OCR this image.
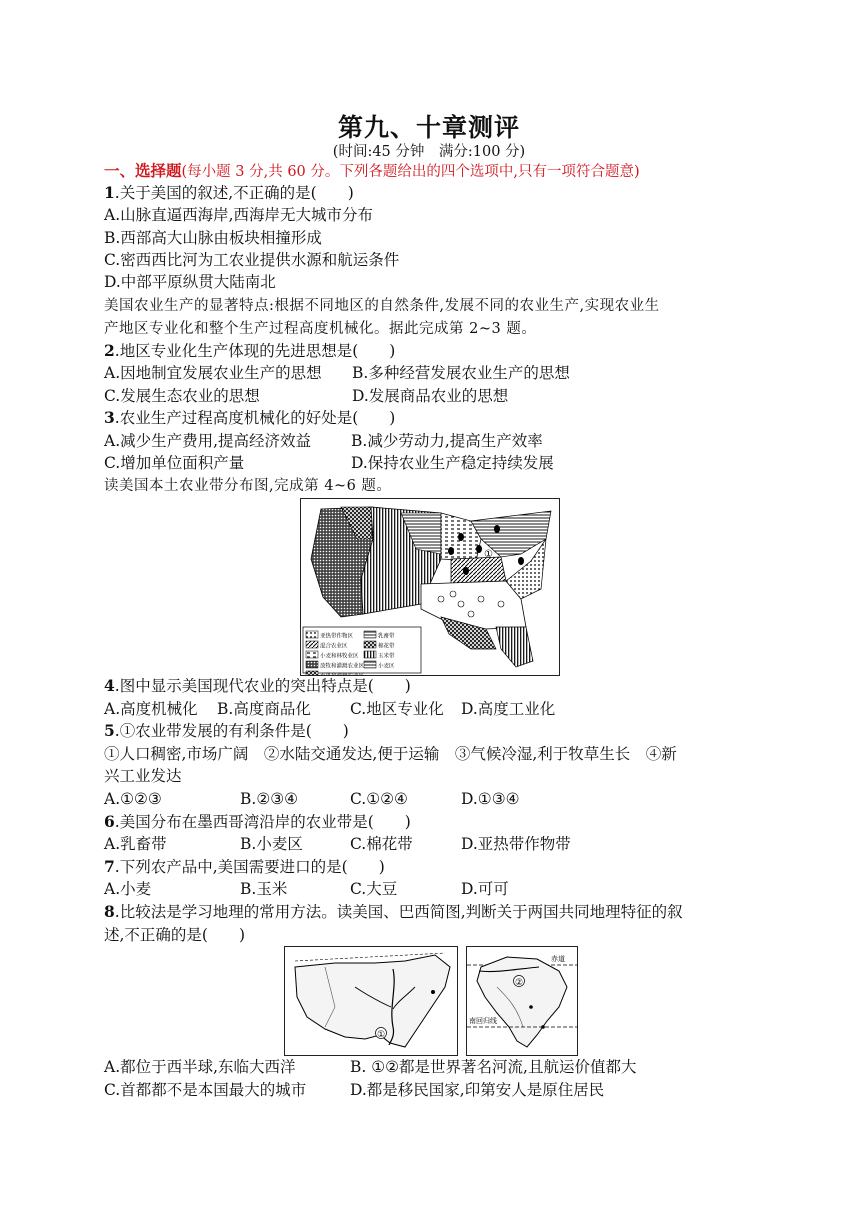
第九、十章测评
(时间:45 分钟　满分:100 分)
一、选择题(每小题 3 分,共 60 分。下列各题给出的四个选项中,只有一项符合题意)
1.关于美国的叙述,不正确的是(　　)
A.山脉直逼西海岸,西海岸无大城市分布
B.西部高大山脉由板块相撞形成
C.密西西比河为工农业提供水源和航运条件
D.中部平原纵贯大陆南北
美国农业生产的显著特点:根据不同地区的自然条件,发展不同的农业生产,实现农业生
产地区专业化和整个生产过程高度机械化。据此完成第 2~3 题。
2.地区专业化生产体现的先进思想是(　　)
A.因地制宜发展农业生产的思想 B.多种经营发展农业生产的思想
C.发展生态农业的思想	D.发展商品农业的思想
3.农业生产过程高度机械化的好处是(　　)
A.减少生产费用,提高经济效益	B.减少劳动力,提高生产效率
C.增加单位面积产量	D.保持农业生产稳定持续发展
读美国本土农业带分布图,完成第 4~6 题。
①
亚热带作物区	乳畜带
混合农业区	棉花带
小麦和林牧业区	玉米带
放牧和灌溉农业区	小麦区
4.图中显示美国现代农业的突出特点是(　　)
A.高度机械化 B.高度商品化	C.地区专业化 D.高度工业化
5.①农业带发展的有利条件是(　　)
①人口稠密,市场广阔　②水陆交通发达,便于运输　③气候冷湿,利于牧草生长　④新
兴工业发达
A.①②③	B.②③④	C.①②④	D.①③④
6.美国分布在墨西哥湾沿岸的农业带是(　　)
A.乳畜带	B.小麦区	C.棉花带	D.亚热带作物带
7.下列农产品中,美国需要进口的是(　　)
A.小麦	B.玉米	C.大豆	D.可可
8.比较法是学习地理的常用方法。读美国、巴西简图,判断关于两国共同地理特征的叙
述,不正确的是(　　)
①
赤道
南回归线
②
A.都位于西半球,东临大西洋	B. ①②都是世界著名河流,且航运价值都大
C.首都都不是本国最大的城市	D.都是移民国家,印第安人是原住居民
